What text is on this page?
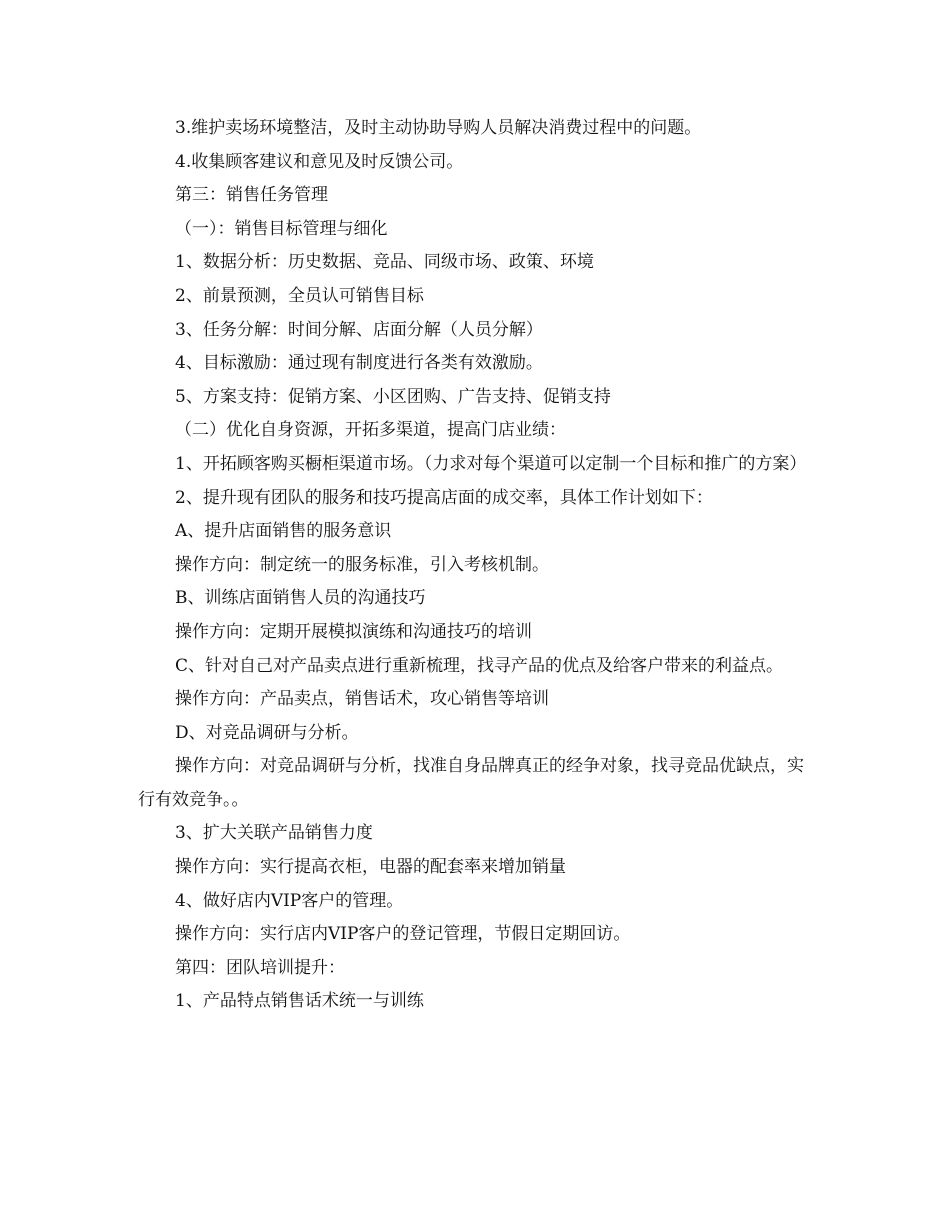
3.维护卖场环境整洁，及时主动协助导购人员解决消费过程中的问题。

4.收集顾客建议和意见及时反馈公司。

第三：销售任务管理

（一）：销售目标管理与细化

1、数据分析：历史数据、竞品、同级市场、政策、环境

2、前景预测，全员认可销售目标

3、任务分解：时间分解、店面分解（人员分解）

4、目标激励：通过现有制度进行各类有效激励。

5、方案支持：促销方案、小区团购、广告支持、促销支持

（二）优化自身资源，开拓多渠道，提高门店业绩：

1、开拓顾客购买橱柜渠道市场。（力求对每个渠道可以定制一个目标和推广的方案）

2、提升现有团队的服务和技巧提高店面的成交率，具体工作计划如下：

A、提升店面销售的服务意识

操作方向：制定统一的服务标准，引入考核机制。

B、训练店面销售人员的沟通技巧

操作方向：定期开展模拟演练和沟通技巧的培训

C、针对自己对产品卖点进行重新梳理，找寻产品的优点及给客户带来的利益点。

操作方向：产品卖点，销售话术，攻心销售等培训

D、对竞品调研与分析。

操作方向：对竞品调研与分析，找准自身品牌真正的经争对象，找寻竞品优缺点，实行有效竞争。。

3、扩大关联产品销售力度

操作方向：实行提高衣柜，电器的配套率来增加销量

4、做好店内VIP客户的管理。

操作方向：实行店内VIP客户的登记管理，节假日定期回访。

第四：团队培训提升：

1、产品特点销售话术统一与训练
